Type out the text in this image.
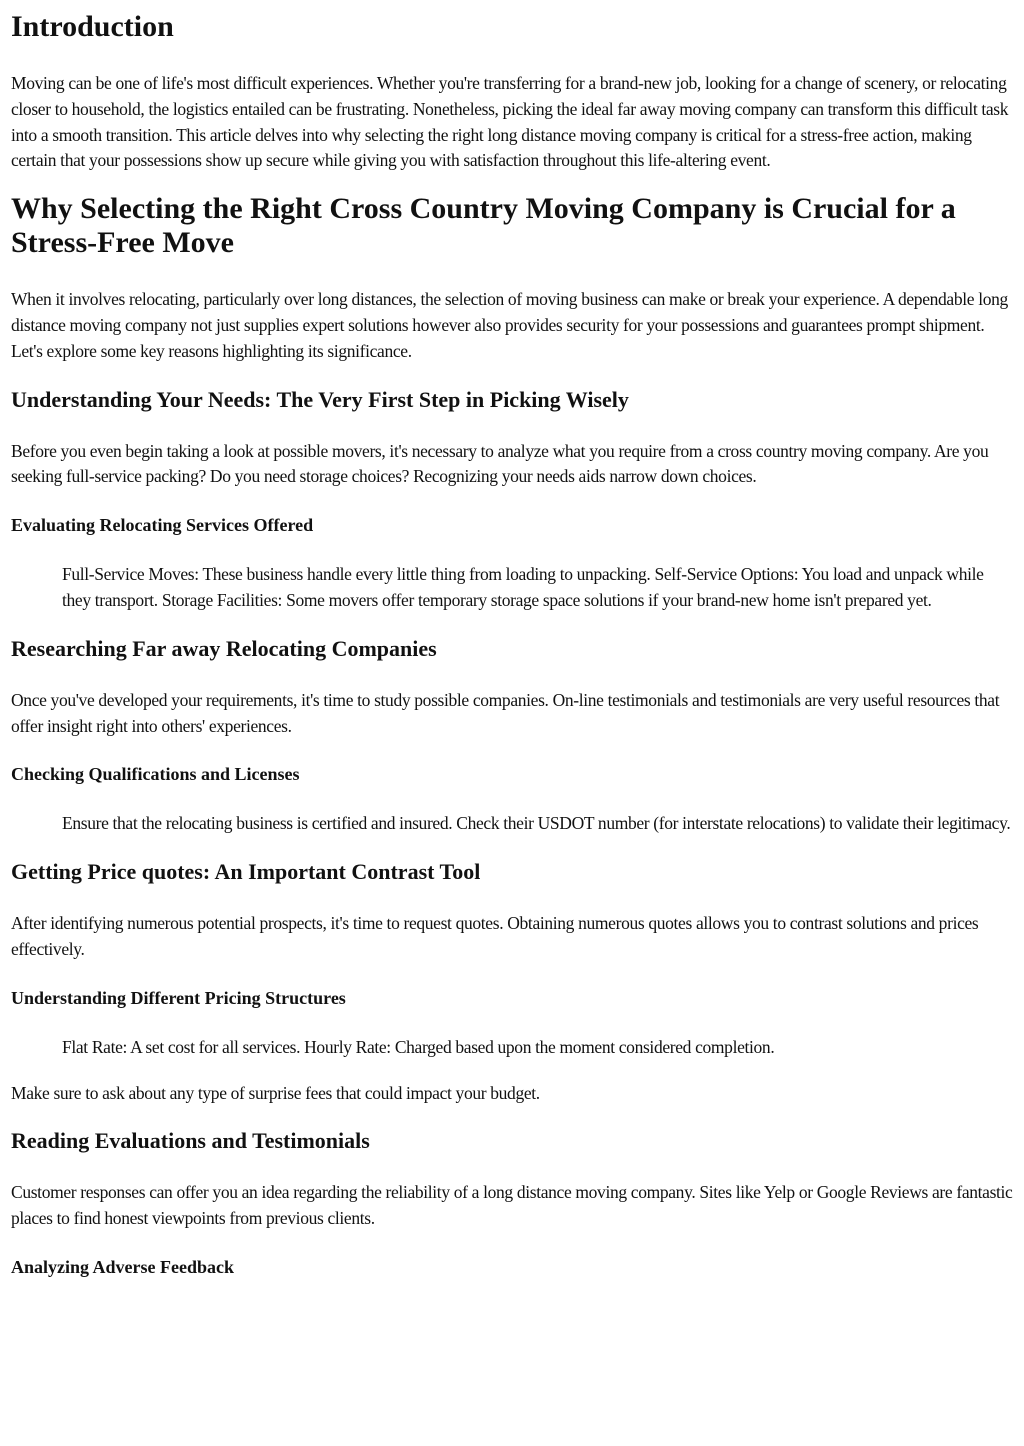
Introduction

Moving can be one of life's most difficult experiences. Whether you're transferring for a brand-new job, looking for a change of scenery, or relocating closer to household, the logistics entailed can be frustrating. Nonetheless, picking the ideal far away moving company can transform this difficult task into a smooth transition. This article delves into why selecting the right long distance moving company is critical for a stress-free action, making certain that your possessions show up secure while giving you with satisfaction throughout this life-altering event.

Why Selecting the Right Cross Country Moving Company is Crucial for a Stress-Free Move

When it involves relocating, particularly over long distances, the selection of moving business can make or break your experience. A dependable long distance moving company not just supplies expert solutions however also provides security for your possessions and guarantees prompt shipment. Let's explore some key reasons highlighting its significance.

Understanding Your Needs: The Very First Step in Picking Wisely

Before you even begin taking a look at possible movers, it's necessary to analyze what you require from a cross country moving company. Are you seeking full-service packing? Do you need storage choices? Recognizing your needs aids narrow down choices.

Evaluating Relocating Services Offered
Full-Service Moves: These business handle every little thing from loading to unpacking. Self-Service Options: You load and unpack while they transport. Storage Facilities: Some movers offer temporary storage space solutions if your brand-new home isn't prepared yet.
Researching Far away Relocating Companies

Once you've developed your requirements, it's time to study possible companies. On-line testimonials and testimonials are very useful resources that offer insight right into others' experiences.

Checking Qualifications and Licenses
Ensure that the relocating business is certified and insured. Check their USDOT number (for interstate relocations) to validate their legitimacy.
Getting Price quotes: An Important Contrast Tool

After identifying numerous potential prospects, it's time to request quotes. Obtaining numerous quotes allows you to contrast solutions and prices effectively.

Understanding Different Pricing Structures
Flat Rate: A set cost for all services. Hourly Rate: Charged based upon the moment considered completion.

Make sure to ask about any type of surprise fees that could impact your budget.

Reading Evaluations and Testimonials

Customer responses can offer you an idea regarding the reliability of a long distance moving company. Sites like Yelp or Google Reviews are fantastic places to find honest viewpoints from previous clients.

Analyzing Adverse Feedback
